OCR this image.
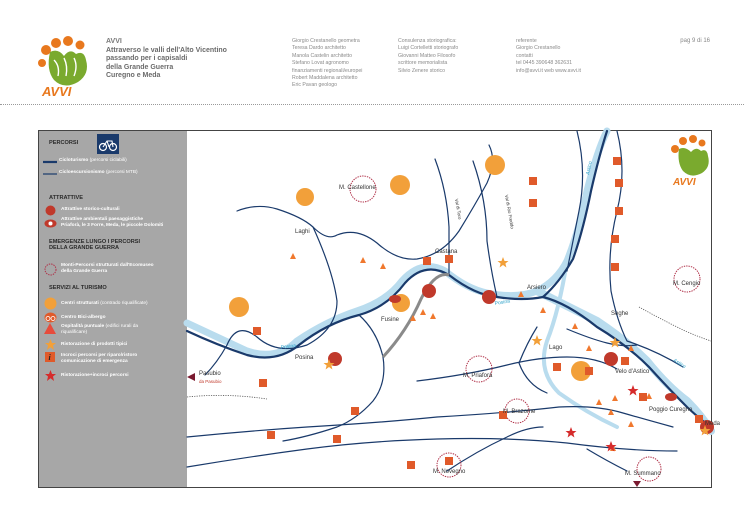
AVVI
AVVI
Attraverso le valli dell'Alto Vicentino
passando per i capisaldi
della Grande Guerra
Curegno e Meda
Giorgio Crestanello geometra
Teresa Dardo architetto
Manola Castelin architetto
Stefano Lovat agronomo
finanziamenti regionali/europei
Robert Maddalena architetto
Eric Pavan geologo
Consulenza storiografica:
Luigi Cortelletti storiografo
Giovanni Matteo Filosofo
scrittore memorialista
Silvio Zenere storico
referente
Giorgio Crestanello
contatti
tel 0445 390648 362631
info@avvi.it web www.avvi.it
pag 9 di 16
PERCORSI
Cicloturismo (percorsi ciclabili)
Cicloescursionismo (percorsi MTB)
ATTRATTIVE
Attrattive storico-culturali
Attrattive ambientali paesaggistiche
Priaforà, le 3 Forre, Meda, le piccole Dolomiti
EMERGENZE LUNGO I PERCORSI
DELLA GRANDE GUERRA
Monti-Percorsi strutturati dall'Ecomuseo
della Grande Guerra
SERVIZI AL TURISMO
Centri strutturati (contrado riqualificate)
Centro Bici-albergo
Ospitalità puntuale (edifici rurali da
riqualificare)
Ristorazione di prodotti tipici
i Incroci percorsi per riparo/ristoro
comunicazione di emergenza
Ristorazione+incroci percorsi
M. Castellone
Laghi
Castana
Val di Toro	Val di Rio Freddo
Arsiero
M. Cengio
Fusine
Seghe
Lago
Pasubio
da Pasubio
Posina
M. Priaforà
Velo d'Astico
M. Brazome	Poggio Curegno
Meda
M. Novegno	M. Summano
Posina
Posina
Astico
Astico
AVVI
